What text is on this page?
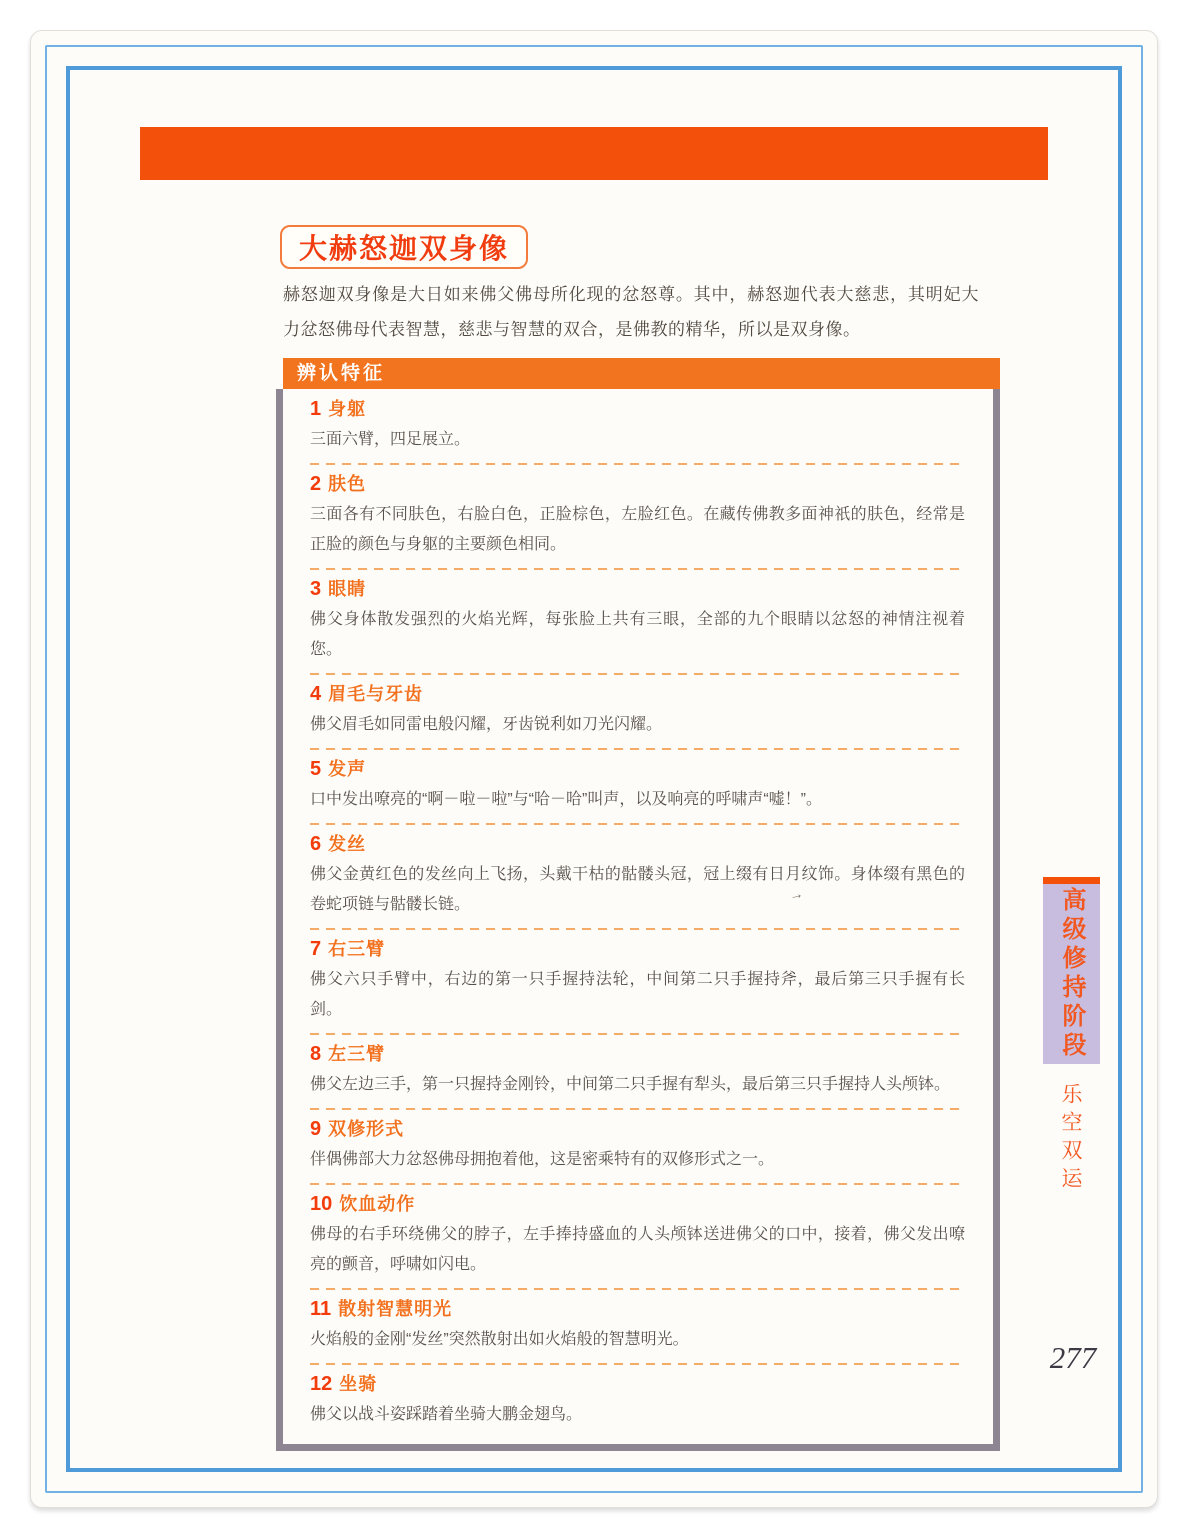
大赫怒迦双身像
赫怒迦双身像是大日如来佛父佛母所化现的忿怒尊。其中，赫怒迦代表大慈悲，其明妃大力忿怒佛母代表智慧，慈悲与智慧的双合，是佛教的精华，所以是双身像。
辨认特征
1 身躯
三面六臂，四足展立。
2 肤色
三面各有不同肤色，右脸白色，正脸棕色，左脸红色。在藏传佛教多面神祇的肤色，经常是正脸的颜色与身躯的主要颜色相同。
3 眼睛
佛父身体散发强烈的火焰光辉，每张脸上共有三眼，全部的九个眼睛以忿怒的神情注视着您。
4 眉毛与牙齿
佛父眉毛如同雷电般闪耀，牙齿锐利如刀光闪耀。
5 发声
口中发出嘹亮的“啊－啦－啦”与“哈－哈”叫声，以及响亮的呼啸声“嘘！”。
6 发丝
佛父金黄红色的发丝向上飞扬，头戴干枯的骷髅头冠，冠上缀有日月纹饰。身体缀有黑色的卷蛇项链与骷髅长链。
7 右三臂
佛父六只手臂中，右边的第一只手握持法轮，中间第二只手握持斧，最后第三只手握有长剑。
8 左三臂
佛父左边三手，第一只握持金刚铃，中间第二只手握有犁头，最后第三只手握持人头颅钵。
9 双修形式
伴偶佛部大力忿怒佛母拥抱着他，这是密乘特有的双修形式之一。
10 饮血动作
佛母的右手环绕佛父的脖子，左手捧持盛血的人头颅钵送进佛父的口中，接着，佛父发出嘹亮的颤音，呼啸如闪电。
11 散射智慧明光
火焰般的金刚“发丝”突然散射出如火焰般的智慧明光。
12 坐骑
佛父以战斗姿踩踏着坐骑大鹏金翅鸟。
→	高级修持阶段
乐空双运
277
